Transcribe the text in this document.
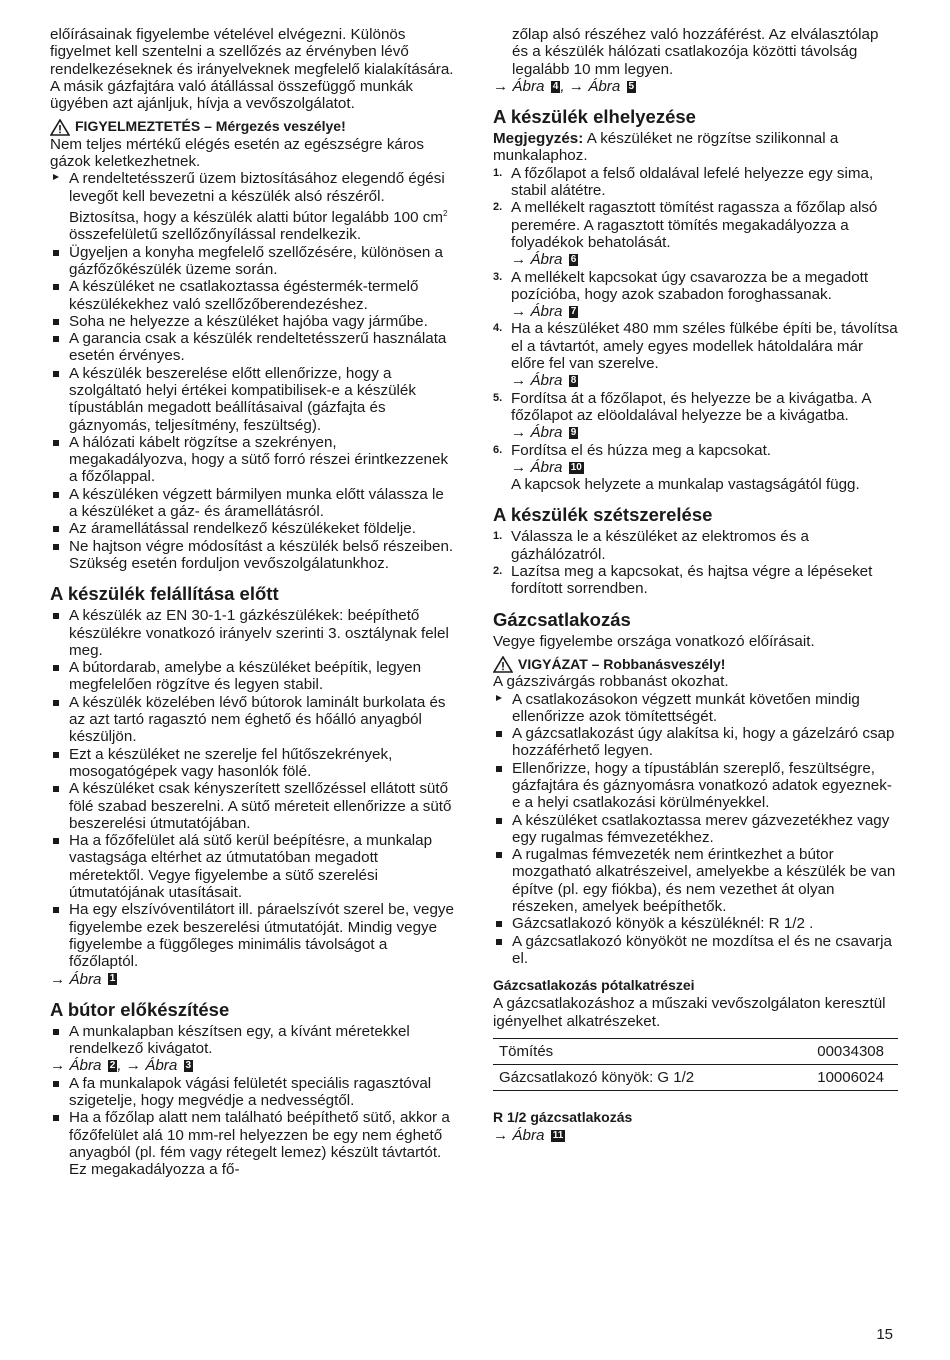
előírásainak figyelembe vételével elvégezni. Különös figyelmet kell szentelni a szellőzés az érvényben lévő rendelkezéseknek és irányelveknek megfelelő kialakítására. A másik gázfajtára való átállással összefüggő munkák ügyében azt ajánljuk, hívja a vevőszolgálatot.

FIGYELMEZTETÉS – Mérgezés veszélye!

Nem teljes mértékű elégés esetén az egészségre káros gázok keletkezhetnek.

A rendeltetésszerű üzem biztosításához elegendő égési levegőt kell bevezetni a készülék alsó részéről. Biztosítsa, hogy a készülék alatti bútor legalább 100 $cm^2$ összefelületű szellőzőnyílással rendelkezik.
Ügyeljen a konyha megfelelő szellőzésére, különösen a gázfőzőkészülék üzeme során.
A készüléket ne csatlakoztassa égéstermék-termelő készülékekhez való szellőzőberendezéshez.
Soha ne helyezze a készüléket hajóba vagy járműbe.
A garancia csak a készülék rendeltetésszerű használata esetén érvényes.
A készülék beszerelése előtt ellenőrizze, hogy a szolgáltató helyi értékei kompatibilisek-e a készülék típustáblán megadott beállításaival (gázfajta és gáznyomás, teljesítmény, feszültség).
A hálózati kábelt rögzítse a szekrényen, megakadályozva, hogy a sütő forró részei érintkezzenek a főzőlappal.
A készüléken végzett bármilyen munka előtt válassza le a készüléket a gáz- és áramellátásról.
Az áramellátással rendelkező készülékeket földelje.
Ne hajtson végre módosítást a készülék belső részeiben. Szükség esetén forduljon vevőszolgálatunkhoz.
A készülék felállítása előtt
A készülék az EN 30-1-1 gázkészülékek: beépíthető készülékre vonatkozó irányelv szerinti 3. osztálynak felel meg.
A bútordarab, amelybe a készüléket beépítik, legyen megfelelően rögzítve és legyen stabil.
A készülék közelében lévő bútorok laminált burkolata és az azt tartó ragasztó nem éghető és hőálló anyagból készüljön.
Ezt a készüléket ne szerelje fel hűtőszekrények, mosogatógépek vagy hasonlók fölé.
A készüléket csak kényszerített szellőzéssel ellátott sütő fölé szabad beszerelni. A sütő méreteit ellenőrizze a sütő beszerelési útmutatójában.
Ha a főzőfelület alá sütő kerül beépítésre, a munkalap vastagsága eltérhet az útmutatóban megadott méretektől. Vegye figyelembe a sütő szerelési útmutatójának utasításait.
Ha egy elszívóventilátort ill. páraelszívót szerel be, vegye figyelembe ezek beszerelési útmutatóját. Mindig vegye figyelembe a függőleges minimális távolságot a főzőlaptól.

→ Ábra 1

A bútor előkészítése
A munkalapban készítsen egy, a kívánt méretekkel rendelkező kivágatot.

→ Ábra 2 , → Ábra 3

A fa munkalapok vágási felületét speciális ragasztóval szigetelje, hogy megvédje a nedvességtől.
Ha a főzőlap alatt nem található beépíthető sütő, akkor a főzőfelület alá 10 mm-rel helyezzen be egy nem éghető anyagból (pl. fém vagy rétegelt lemez) készült távtartót. Ez megakadályozza a fő-

zőlap alsó részéhez való hozzáférést. Az elválasztólap és a készülék hálózati csatlakozója közötti távolság legalább 10 mm legyen.

→ Ábra 4 , → Ábra 5

A készülék elhelyezése

Megjegyzés: A készüléket ne rögzítse szilikonnal a munkalaphoz.

1. A főzőlapot a felső oldalával lefelé helyezze egy sima, stabil alátétre.
2. A mellékelt ragasztott tömítést ragassza a főzőlap alsó peremére. A ragasztott tömítés megakadályozza a folyadékok behatolását.
→ Ábra 6
3. A mellékelt kapcsokat úgy csavarozza be a megadott pozícióba, hogy azok szabadon foroghassanak.
→ Ábra 7
4. Ha a készüléket 480 mm széles fülkébe építi be, távolítsa el a távtartót, amely egyes modellek hátoldalára már előre fel van szerelve.
→ Ábra 8
5. Fordítsa át a főzőlapot, és helyezze be a kivágatba. A főzőlapot az elöoldalával helyezze be a kivágatba.
→ Ábra 9
6. Fordítsa el és húzza meg a kapcsokat.
→ Ábra 10
A kapcsok helyzete a munkalap vastagságától függ.
A készülék szétszerelése
1. Válassza le a készüléket az elektromos és a gázhálózatról.
2. Lazítsa meg a kapcsokat, és hajtsa végre a lépéseket fordított sorrendben.
Gázcsatlakozás

Vegye figyelembe országa vonatkozó előírásait.

VIGYÁZAT – Robbanásveszély!

A gázszivárgás robbanást okozhat.

A csatlakozásokon végzett munkát követően mindig ellenőrizze azok tömítettségét.
A gázcsatlakozást úgy alakítsa ki, hogy a gázelzáró csap hozzáférhető legyen.
Ellenőrizze, hogy a típustáblán szereplő, feszültségre, gázfajtára és gáznyomásra vonatkozó adatok egyeznek-e a helyi csatlakozási körülményekkel.
A készüléket csatlakoztassa merev gázvezetékhez vagy egy rugalmas fémvezetékhez.
A rugalmas fémvezeték nem érintkezhet a bútor mozgatható alkatrészeivel, amelyekbe a készülék be van építve (pl. egy fiókba), és nem vezethet át olyan részeken, amelyek beépíthetők.
Gázcsatlakozó könyök a készüléknél: R 1/2 .
A gázcsatlakozó könyököt ne mozdítsa el és ne csavarja el.
Gázcsatlakozás pótalkatrészei

A gázcsatlakozáshoz a műszaki vevőszolgálaton keresztül igényelhet alkatrészeket.

Tömítés	00034308
Gázcsatlakozó könyök: G 1/2	10006024
R 1/2 gázcsatlakozás

→ Ábra 11

15
